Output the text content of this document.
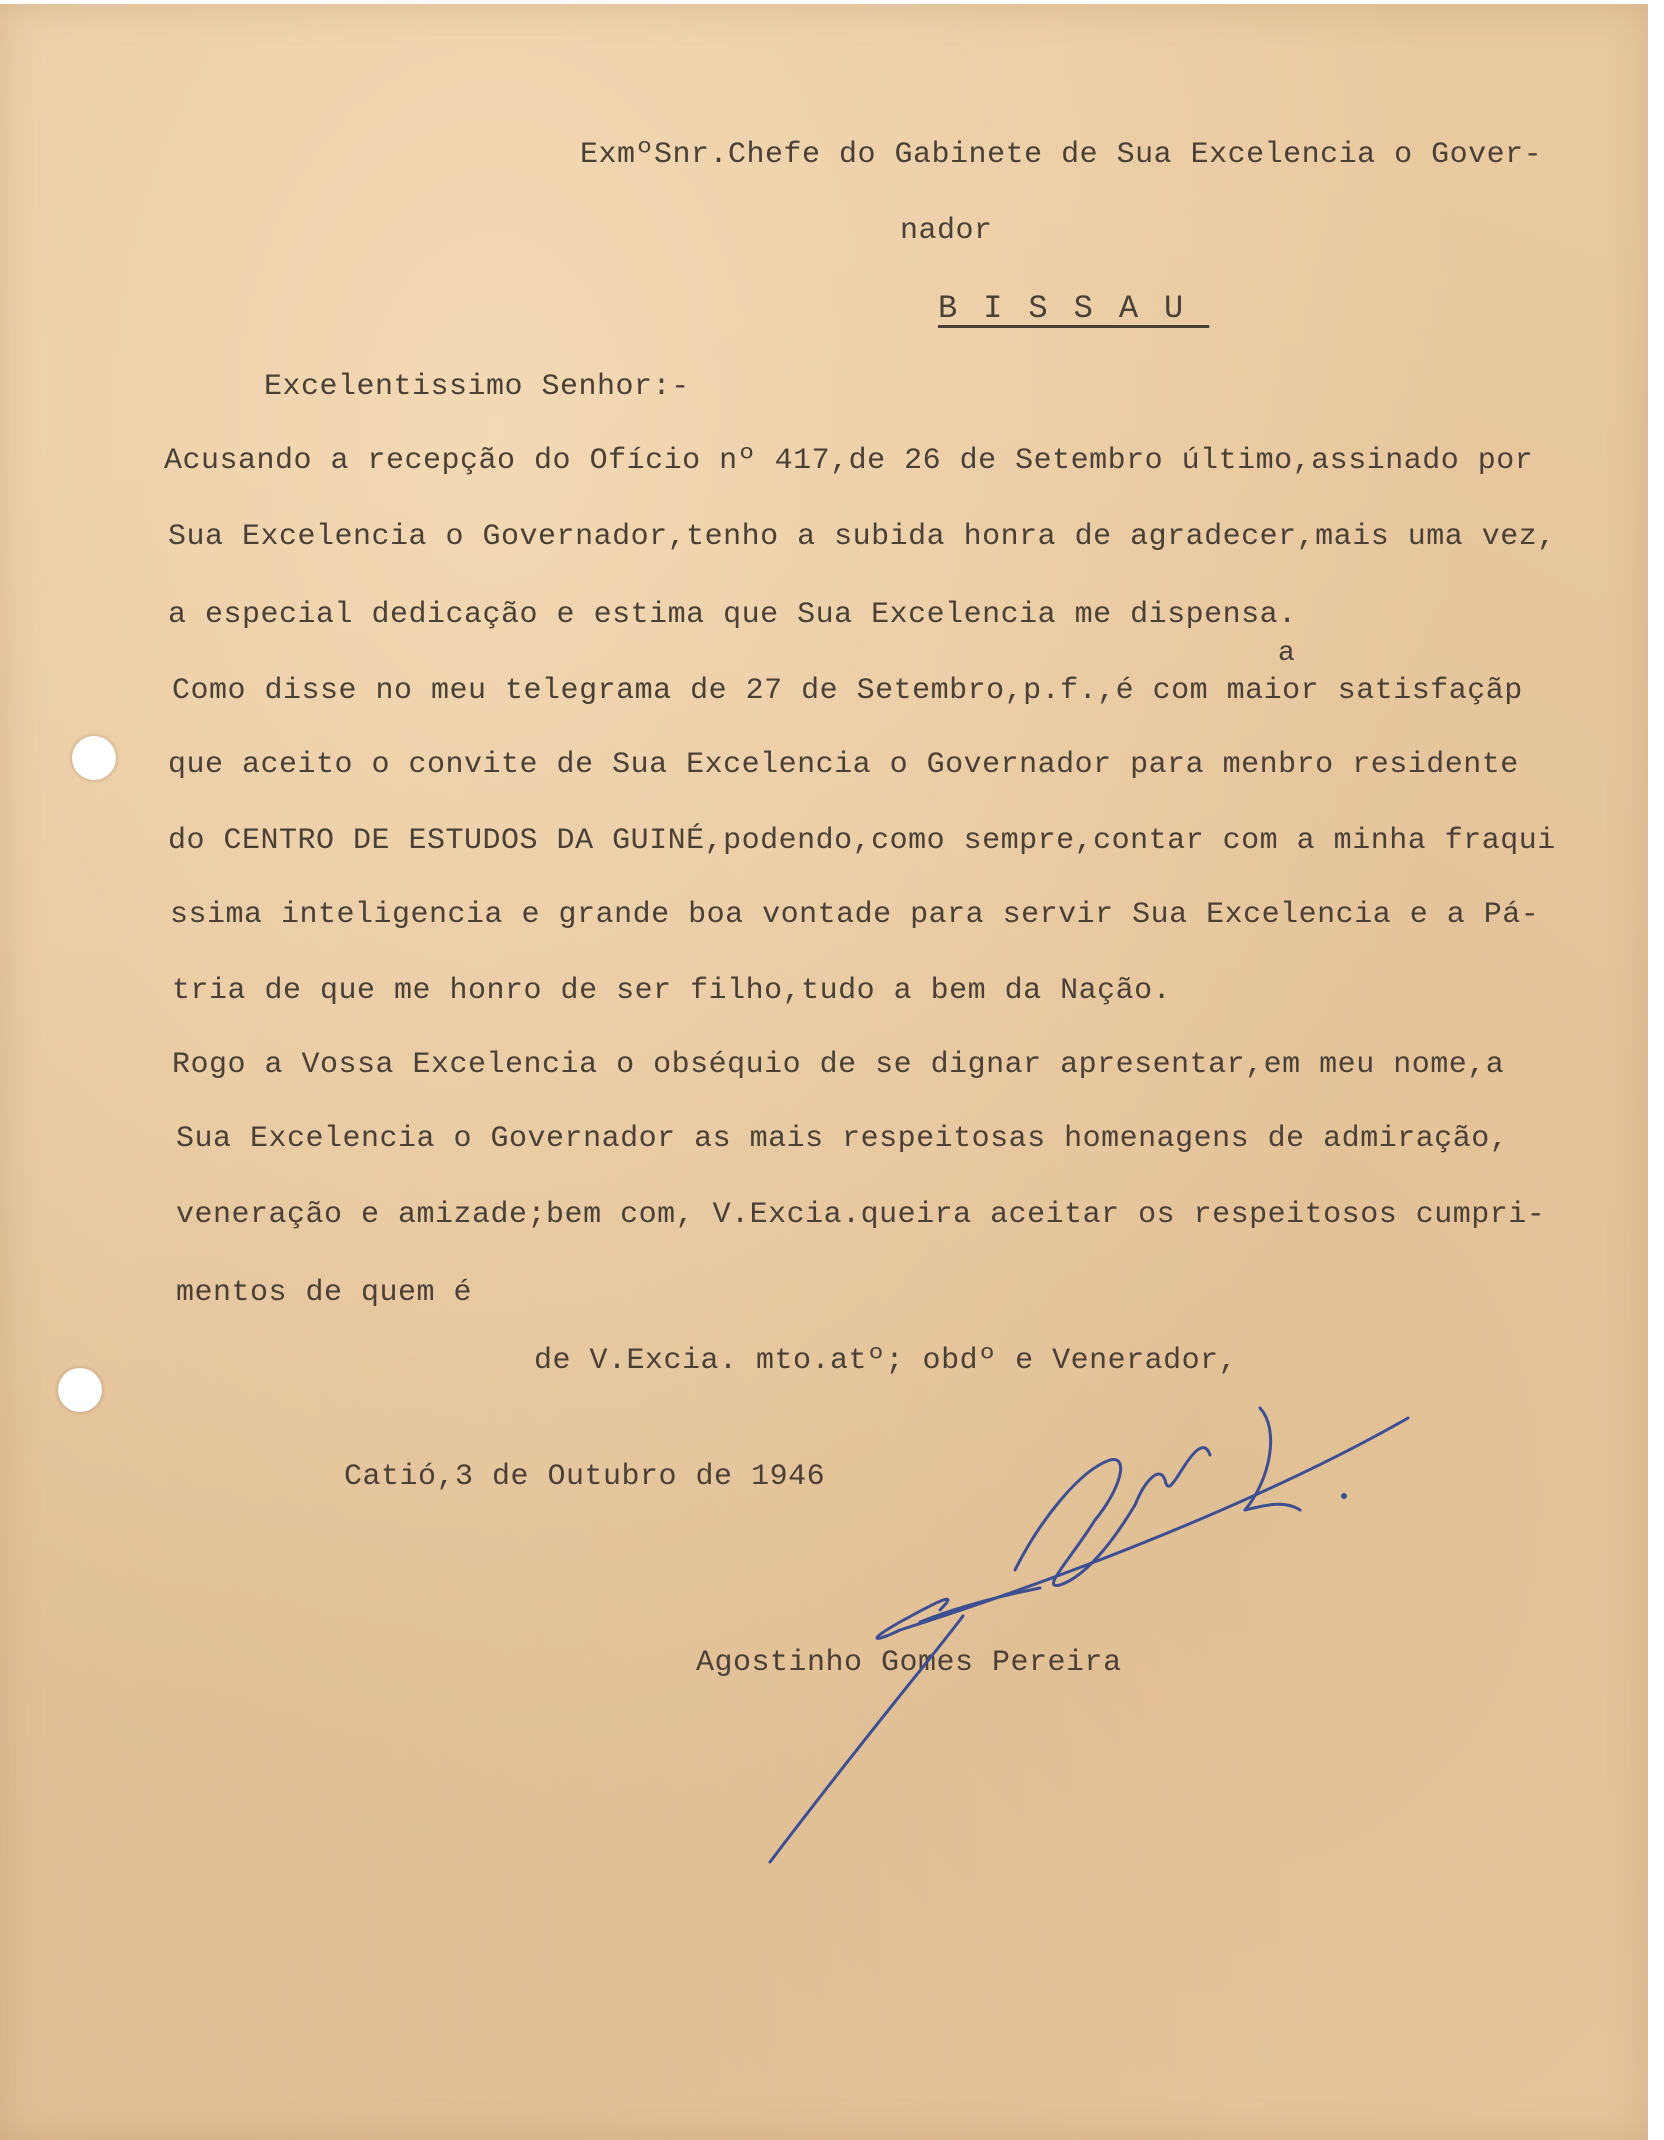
ExmºSnr.Chefe do Gabinete de Sua Excelencia o Gover-
nador
BISSAU
Excelentissimo Senhor:-
Acusando a recepção do Ofício nº 417,de 26 de Setembro último,assinado por
Sua Excelencia o Governador,tenho a subida honra de agradecer,mais uma vez,
a especial dedicação e estima que Sua Excelencia me dispensa.
a
Como disse no meu telegrama de 27 de Setembro,p.f.,é com maior satisfaçãp
que aceito o convite de Sua Excelencia o Governador para menbro residente
do CENTRO DE ESTUDOS DA GUINÉ,podendo,como sempre,contar com a minha fraqui
ssima inteligencia e grande boa vontade para servir Sua Excelencia e a Pá-
tria de que me honro de ser filho,tudo a bem da Nação.
Rogo a Vossa Excelencia o obséquio de se dignar apresentar,em meu nome,a
Sua Excelencia o Governador as mais respeitosas homenagens de admiração,
veneração e amizade;bem com, V.Excia.queira aceitar os respeitosos cumpri-
mentos de quem é
de V.Excia. mto.atº; obdº e Venerador,
Catió,3 de Outubro de 1946
Agostinho Gomes Pereira
